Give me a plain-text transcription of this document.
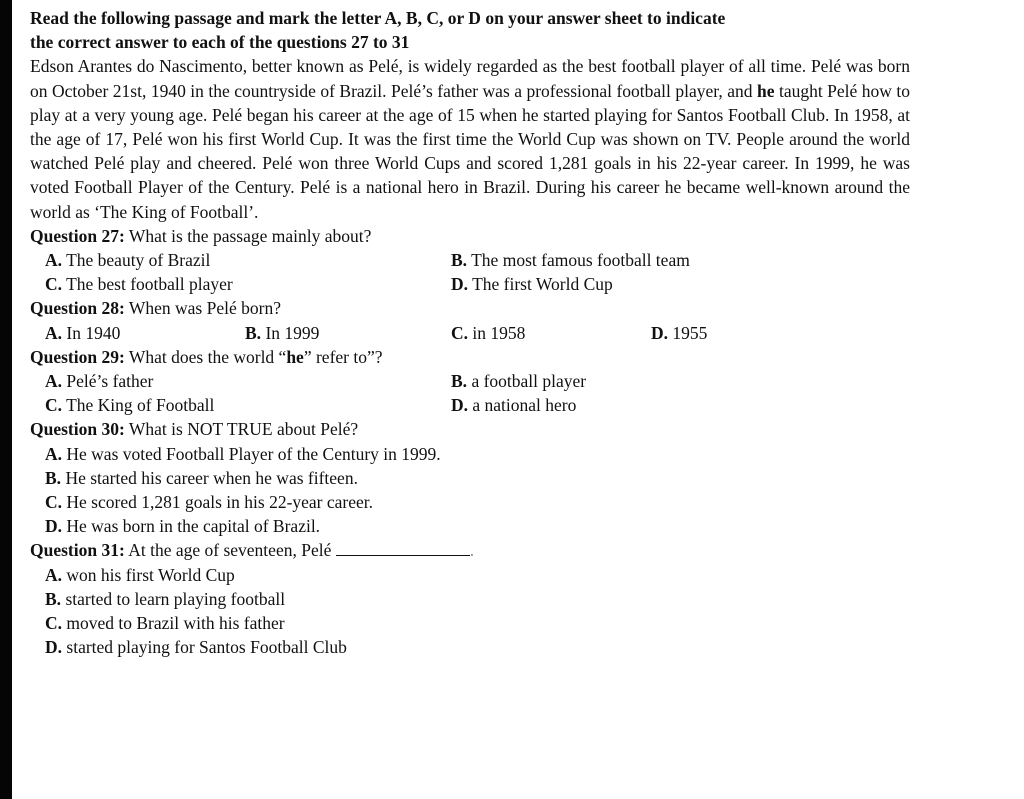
Read the following passage and mark the letter A, B, C, or D on your answer sheet to indicate

the correct answer to each of the questions 27 to 31

Edson Arantes do Nascimento, better known as Pelé, is widely regarded as the best football player of all time. Pelé was born on October 21st, 1940 in the countryside of Brazil. Pelé’s father was a professional football player, and he taught Pelé how to play at a very young age. Pelé began his career at the age of 15 when he started playing for Santos Football Club. In 1958, at the age of 17, Pelé won his first World Cup. It was the first time the World Cup was shown on TV. People around the world watched Pelé play and cheered. Pelé won three World Cups and scored 1,281 goals in his 22-year career. In 1999, he was voted Football Player of the Century. Pelé is a national hero in Brazil. During his career he became well-known around the world as ‘The King of Football’.

Question 27: What is the passage mainly about?

A. The beauty of Brazil	B. The most famous football team
C. The best football player	D. The first World Cup

Question 28: When was Pelé born?

A. In 1940	B. In 1999	C. in 1958	D. 1955

Question 29: What does the world “he” refer to”?

A. Pelé’s father	B. a football player
C. The King of Football	D. a national hero

Question 30: What is NOT TRUE about Pelé?

A. He was voted Football Player of the Century in 1999.

B. He started his career when he was fifteen.

C. He scored 1,281 goals in his 22-year career.

D. He was born in the capital of Brazil.

Question 31: At the age of seventeen, Pelé	.

A. won his first World Cup

B. started to learn playing football

C. moved to Brazil with his father

D. started playing for Santos Football Club
